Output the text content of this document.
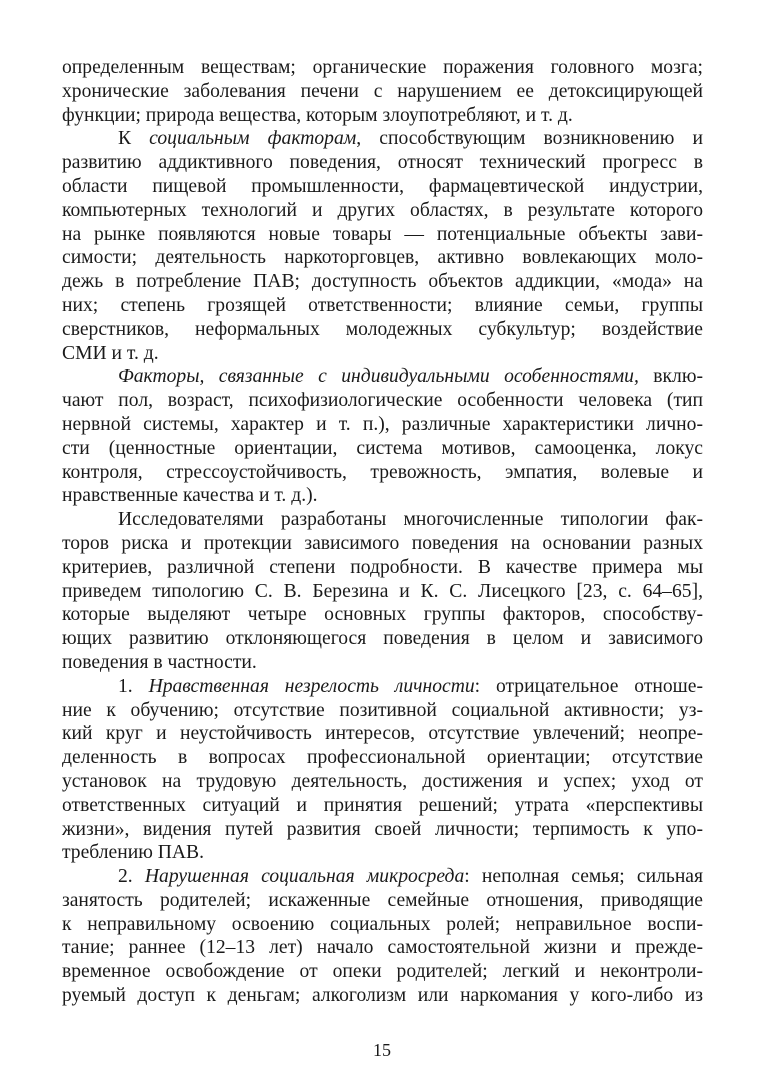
определенным веществам; органические поражения головного мозга;
хронические заболевания печени с нарушением ее детоксицирующей
функции; природа вещества, которым злоупотребляют, и т. д.
К социальным факторам, способствующим возникновению и
развитию аддиктивного поведения, относят технический прогресс в
области пищевой промышленности, фармацевтической индустрии,
компьютерных технологий и других областях, в результате которого
на рынке появляются новые товары — потенциальные объекты зави-
симости; деятельность наркоторговцев, активно вовлекающих моло-
дежь в потребление ПАВ; доступность объектов аддикции, «мода» на
них; степень грозящей ответственности; влияние семьи, группы
сверстников, неформальных молодежных субкультур; воздействие
СМИ и т. д.
Факторы, связанные с индивидуальными особенностями, вклю-
чают пол, возраст, психофизиологические особенности человека (тип
нервной системы, характер и т. п.), различные характеристики лично-
сти (ценностные ориентации, система мотивов, самооценка, локус
контроля, стрессоустойчивость, тревожность, эмпатия, волевые и
нравственные качества и т. д.).
Исследователями разработаны многочисленные типологии фак-
торов риска и протекции зависимого поведения на основании разных
критериев, различной степени подробности. В качестве примера мы
приведем типологию С. В. Березина и К. С. Лисецкого [23, с. 64–65],
которые выделяют четыре основных группы факторов, способству-
ющих развитию отклоняющегося поведения в целом и зависимого
поведения в частности.
1. Нравственная незрелость личности: отрицательное отноше-
ние к обучению; отсутствие позитивной социальной активности; уз-
кий круг и неустойчивость интересов, отсутствие увлечений; неопре-
деленность в вопросах профессиональной ориентации; отсутствие
установок на трудовую деятельность, достижения и успех; уход от
ответственных ситуаций и принятия решений; утрата «перспективы
жизни», видения путей развития своей личности; терпимость к упо-
треблению ПАВ.
2. Нарушенная социальная микросреда: неполная семья; сильная
занятость родителей; искаженные семейные отношения, приводящие
к неправильному освоению социальных ролей; неправильное воспи-
тание; раннее (12–13 лет) начало самостоятельной жизни и прежде-
временное освобождение от опеки родителей; легкий и неконтроли-
руемый доступ к деньгам; алкоголизм или наркомания у кого-либо из
15
